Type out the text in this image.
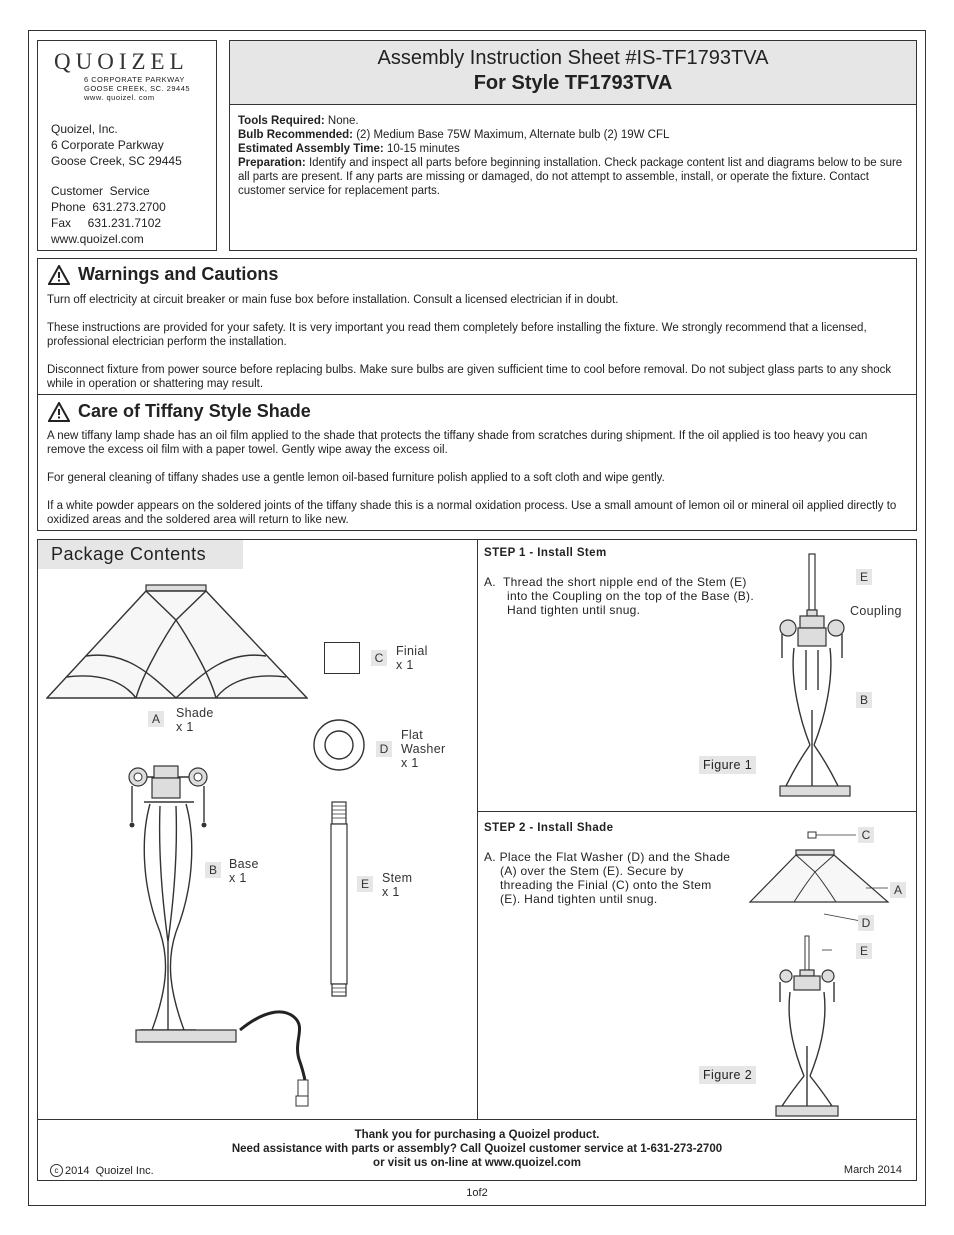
QUOIZEL
6 CORPORATE PARKWAY
GOOSE CREEK, SC. 29445
www. quoizel. com
Quoizel, Inc.
6 Corporate Parkway
Goose Creek, SC 29445
Customer  Service
Phone  631.273.2700
Fax     631.231.7102
www.quoizel.com
Assembly Instruction Sheet #IS-TF1793TVA
For Style TF1793TVA
Tools Required: None.
Bulb Recommended: (2) Medium Base 75W Maximum, Alternate bulb (2) 19W CFL
Estimated Assembly Time: 10-15 minutes
Preparation: Identify and inspect all parts before beginning installation. Check package content list and diagrams below to be sure all parts are present. If any parts are missing or damaged, do not attempt to assemble, install, or operate the fixture. Contact customer service for replacement parts.
Warnings and Cautions
Turn off electricity at circuit breaker or main fuse box before installation. Consult a licensed electrician if in doubt.
These instructions are provided for your safety. It is very important you read them completely before installing the fixture. We strongly recommend that a licensed, professional electrician perform the installation.
Disconnect fixture from power source before replacing bulbs. Make sure bulbs are given sufficient time to cool before removal. Do not subject glass parts to any shock while in operation or shattering may result.
Care of Tiffany Style Shade
A new tiffany lamp shade has an oil film applied to the shade that protects the tiffany shade from scratches during shipment. If the oil applied is too heavy you can remove the excess oil film with a paper towel. Gently wipe away the excess oil.
For general cleaning of tiffany shades use a gentle lemon oil-based furniture polish applied to a soft cloth and wipe gently.
If a white powder appears on the soldered joints of the tiffany shade this is a normal oxidation process. Use a small amount of lemon oil or mineral oil applied directly to oxidized areas and the soldered area will return to like new.
Package Contents
A	Shade
x 1
C Finial
x 1
D
Flat
Washer
x 1
E	Stem
x 1
B Base
x 1
STEP 1 - Install Stem
A.  Thread the short nipple end of the Stem (E)
into the Coupling on the top of the Base (B).
Hand tighten until snug.
E
Coupling
B
Figure 1
STEP 2 - Install Shade
A. Place the Flat Washer (D) and the Shade
(A) over the Stem (E). Secure by
threading the Finial (C) onto the Stem
(E). Hand tighten until snug.
C
A
D
E
Figure 2
Thank you for purchasing a Quoizel product.
Need assistance with parts or assembly? Call Quoizel customer service at 1-631-273-2700
or visit us on-line at www.quoizel.com
c 2014  Quoizel Inc.	March 2014
1of2
